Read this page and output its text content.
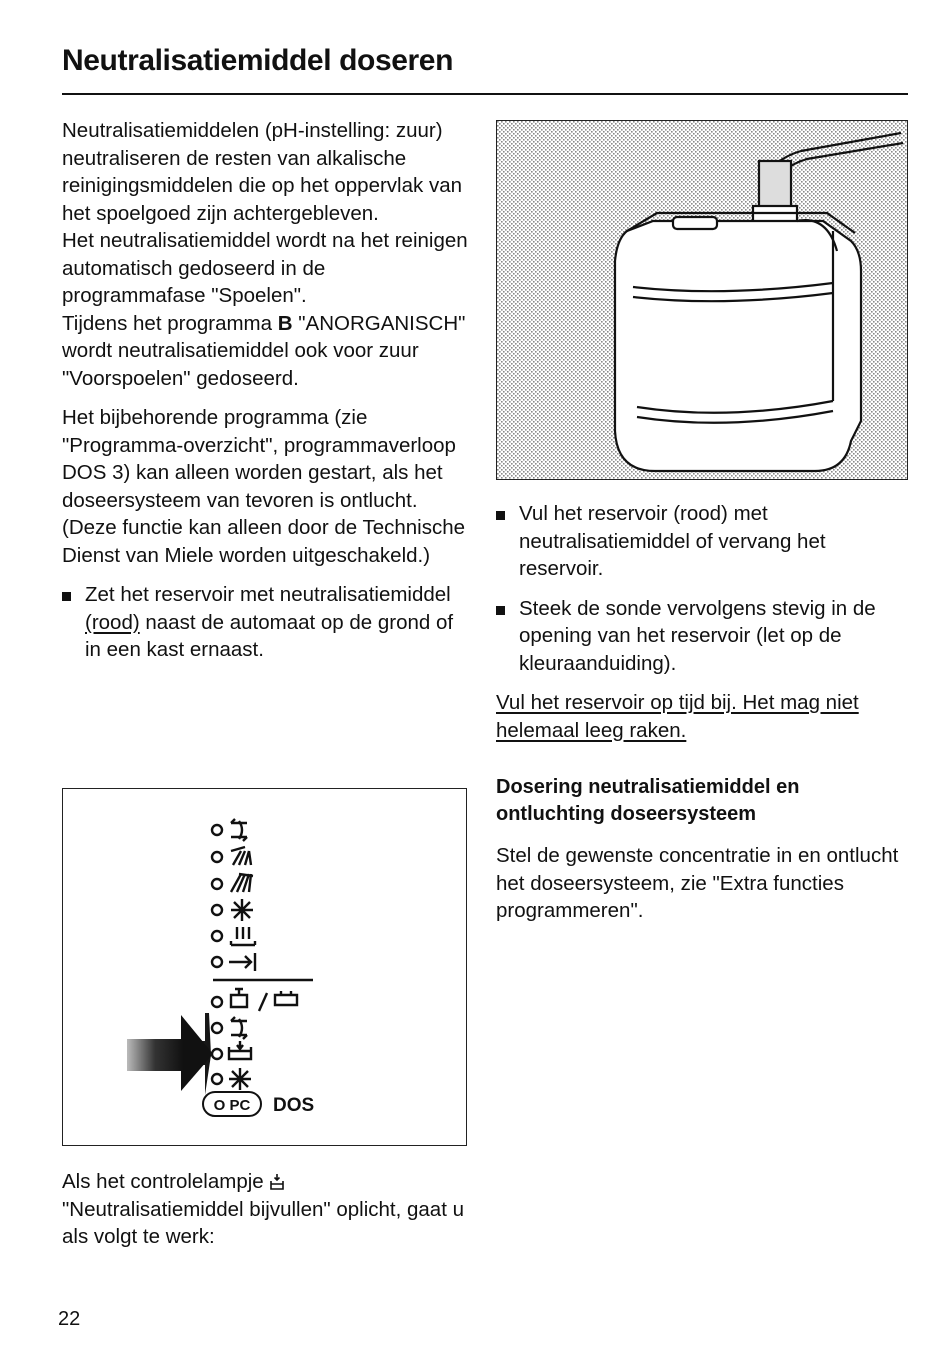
Neutralisatiemiddel doseren

Neutralisatiemiddelen (pH-instelling: zuur) neutraliseren de resten van alkalische reinigingsmiddelen die op het oppervlak van het spoelgoed zijn achtergebleven.

Het neutralisatiemiddel wordt na het reinigen automatisch gedoseerd in de programmafase "Spoelen".

Tijdens het programma B "ANORGANISCH" wordt neutralisatiemiddel ook voor zuur "Voorspoelen" gedoseerd.

Het bijbehorende programma (zie "Programma-overzicht", programmaverloop DOS 3) kan alleen worden gestart, als het doseersysteem van tevoren is ontlucht.

(Deze functie kan alleen door de Technische Dienst van Miele worden uitgeschakeld.)

Zet het reservoir met neutralisatiemiddel (rood) naast de automaat op de grond of in een kast ernaast.
O PC DOS
Als het controlelampje  "Neutralisatiemiddel bijvullen" oplicht, gaat u als volgt te werk:
Vul het reservoir (rood) met neutralisatiemiddel of vervang het reservoir.
Steek de sonde vervolgens stevig in de opening van het reservoir (let op de kleuraanduiding).

Vul het reservoir op tijd bij. Het mag niet helemaal leeg raken.

Dosering neutralisatiemiddel en ontluchting doseersysteem

Stel de gewenste concentratie in en ontlucht het doseersysteem, zie "Extra functies programmeren".

22
